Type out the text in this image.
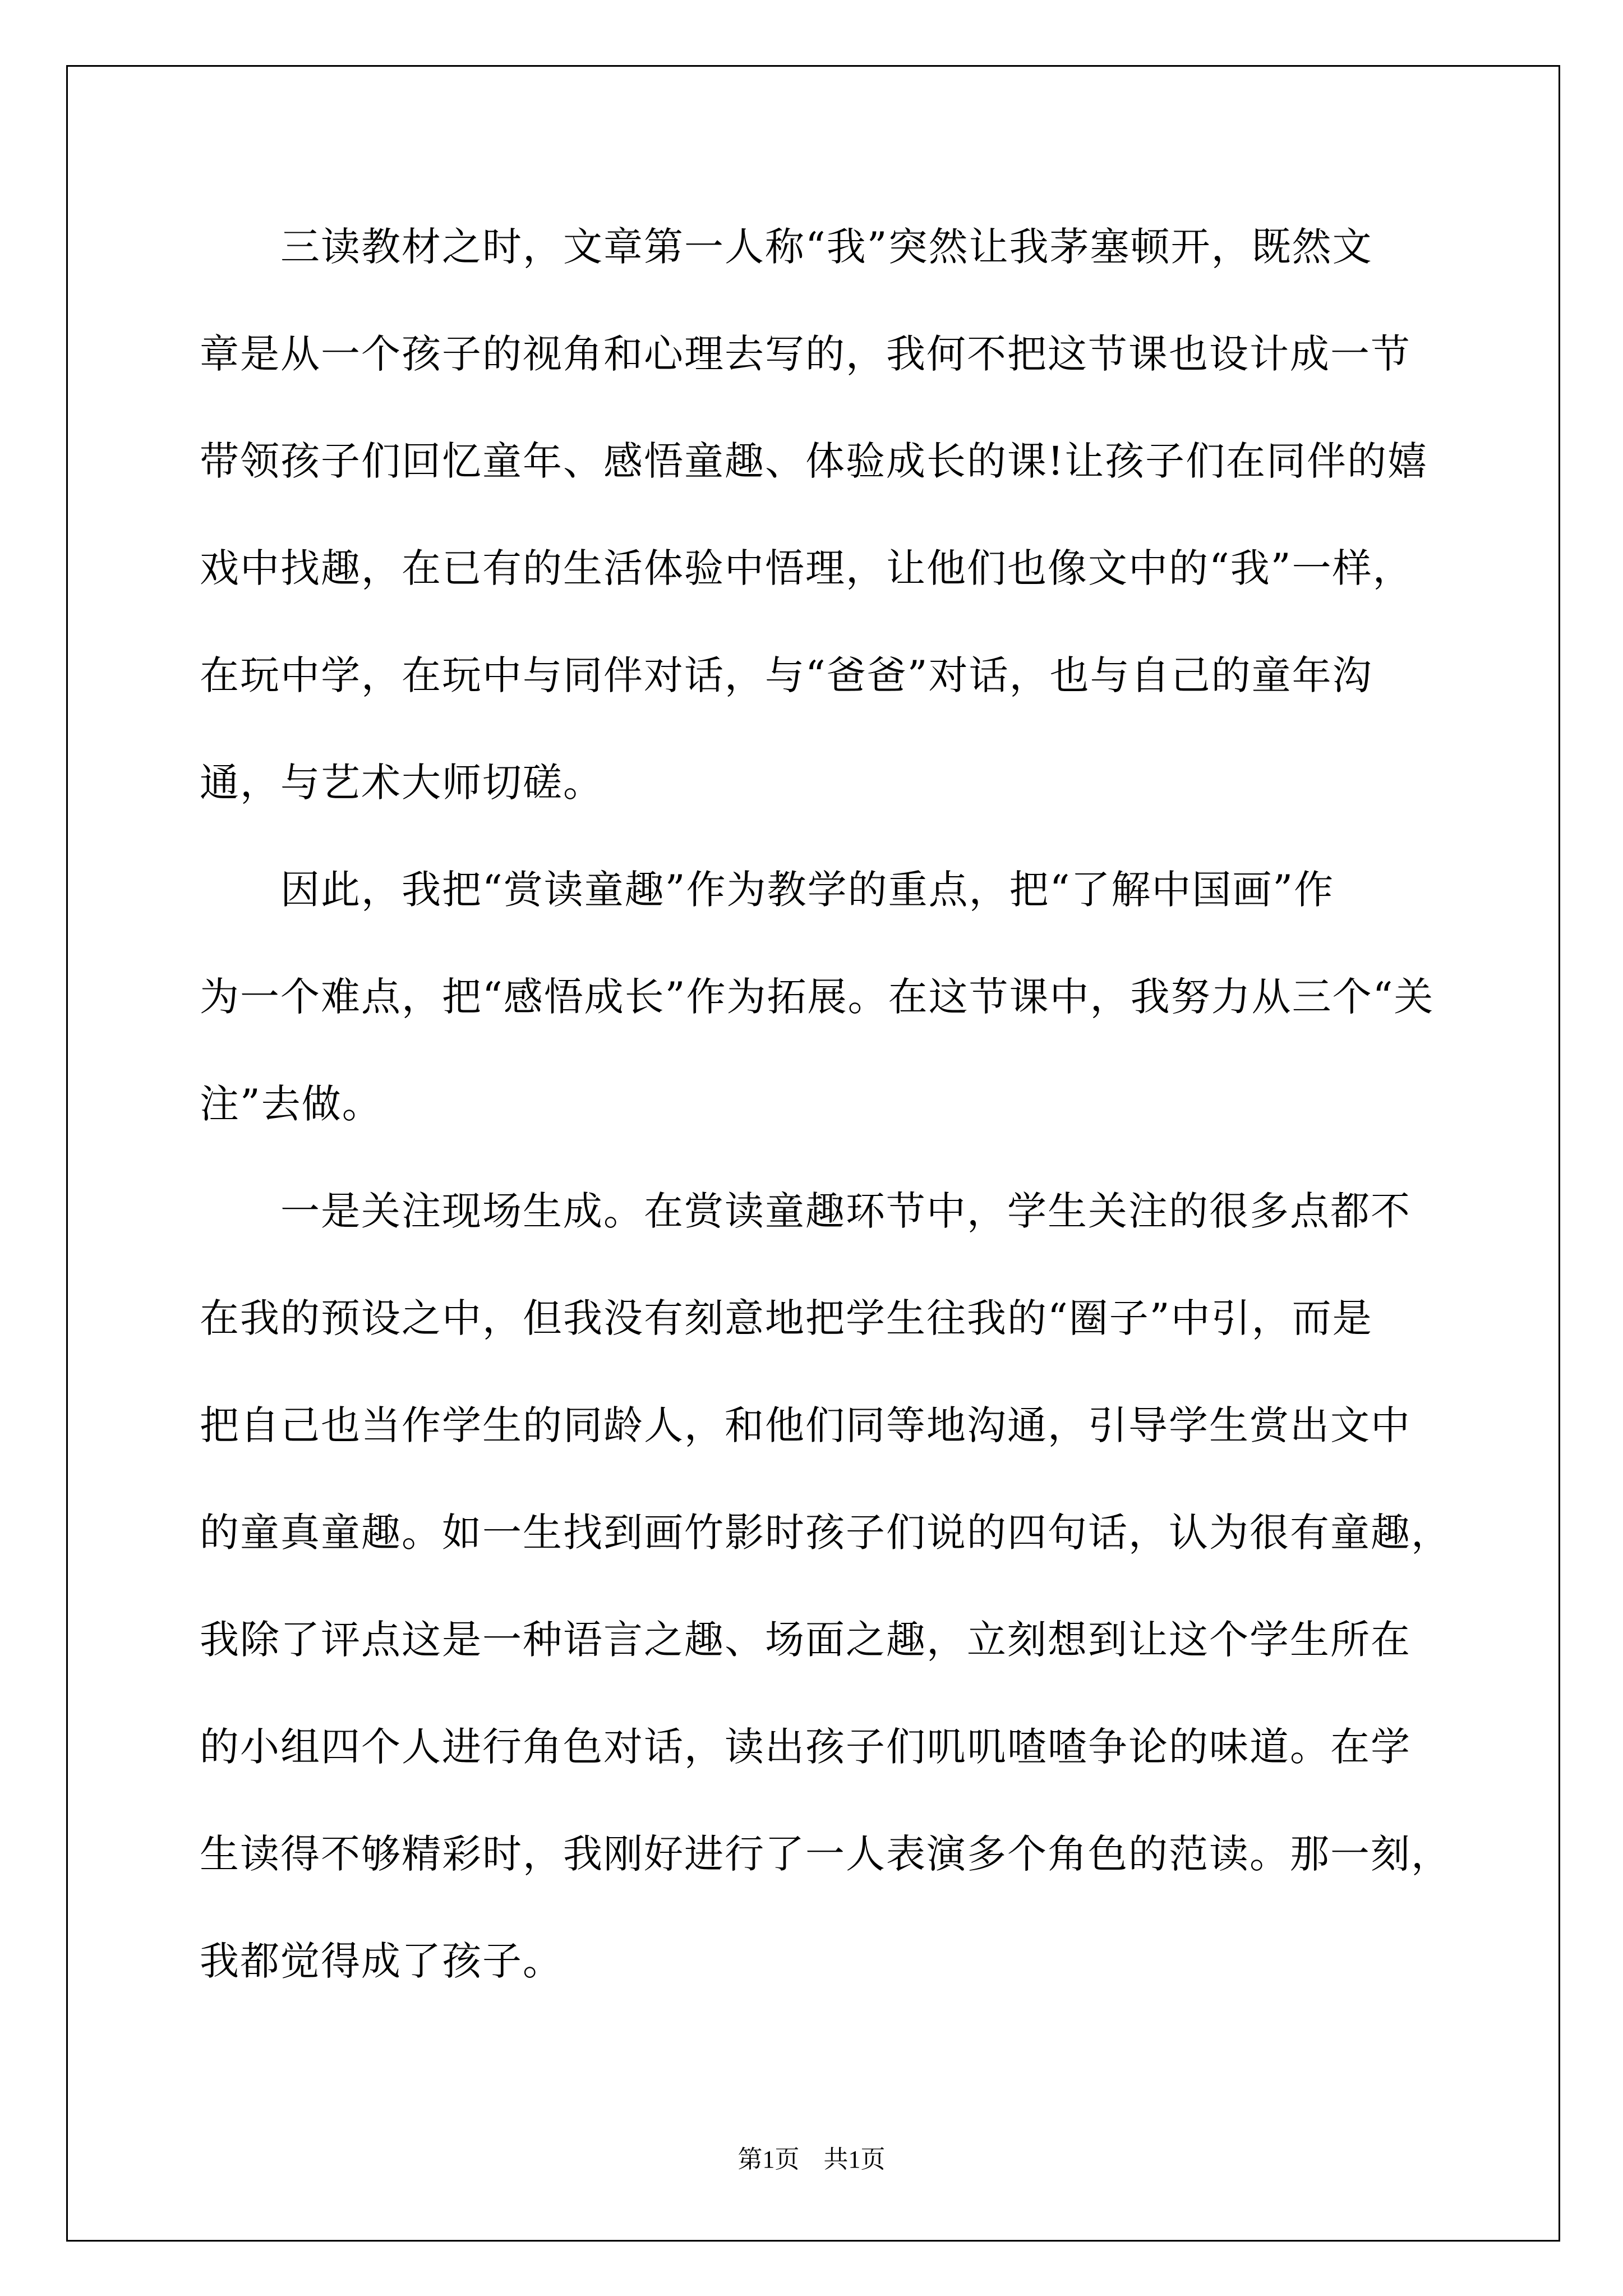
　　三读教材之时，文章第一人称“我”突然让我茅塞顿开，既然文
章是从一个孩子的视角和心理去写的，我何不把这节课也设计成一节
带领孩子们回忆童年、感悟童趣、体验成长的课!让孩子们在同伴的嬉
戏中找趣，在已有的生活体验中悟理，让他们也像文中的“我”一样，
在玩中学，在玩中与同伴对话，与“爸爸”对话，也与自己的童年沟
通，与艺术大师切磋。
　　因此，我把“赏读童趣”作为教学的重点，把“了解中国画”作
为一个难点，把“感悟成长”作为拓展。在这节课中，我努力从三个“关
注”去做。
　　一是关注现场生成。在赏读童趣环节中，学生关注的很多点都不
在我的预设之中，但我没有刻意地把学生往我的“圈子”中引，而是
把自己也当作学生的同龄人，和他们同等地沟通，引导学生赏出文中
的童真童趣。如一生找到画竹影时孩子们说的四句话，认为很有童趣，
我除了评点这是一种语言之趣、场面之趣，立刻想到让这个学生所在
的小组四个人进行角色对话，读出孩子们叽叽喳喳争论的味道。在学
生读得不够精彩时，我刚好进行了一人表演多个角色的范读。那一刻，
我都觉得成了孩子。
第1页 共1页
